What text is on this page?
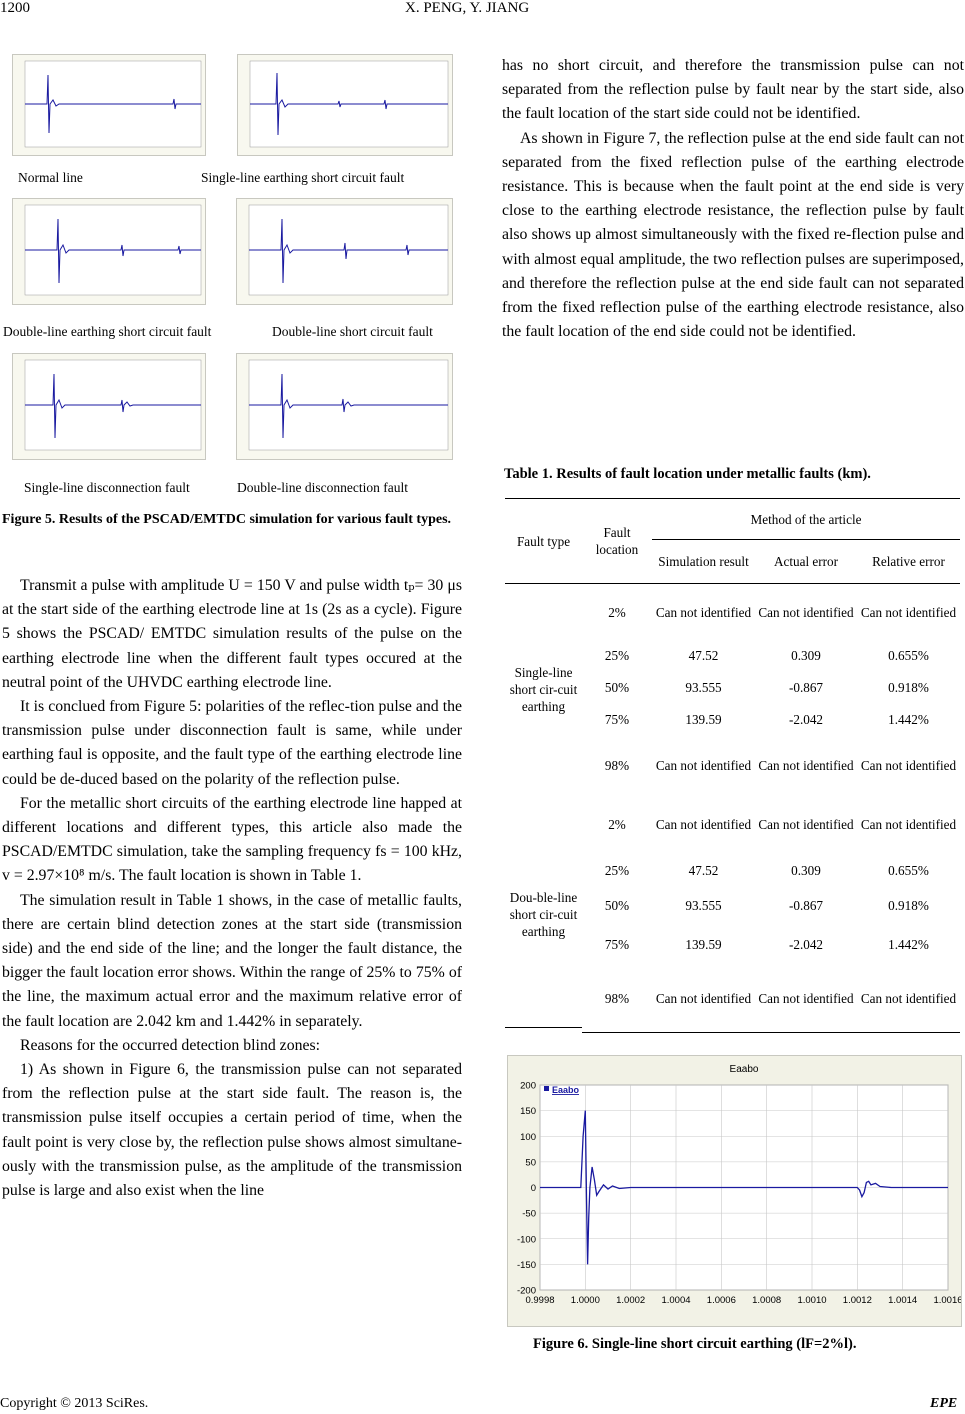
1200	X. PENG, Y. JIANG
Normal line	Single-line earthing short circuit fault
Double-line earthing short circuit fault	Double-line short circuit fault
Single-line disconnection fault	Double-line disconnection fault
Figure 5. Results of the PSCAD/EMTDC simulation for various fault types.

Transmit a pulse with amplitude U = 150 V and pulse width tₚ= 30 μs at the start side of the earthing electrode line at 1s (2s as a cycle). Figure 5 shows the PSCAD/ EMTDC simulation results of the pulse on the earthing electrode line when the different fault types occured at the neutral point of the UHVDC earthing electrode line.

It is conclued from Figure 5: polarities of the reflec-tion pulse and the transmission pulse under disconnection fault is same, while under earthing faul is opposite, and the fault type of the earthing electrode line could be de-duced based on the polarity of the reflection pulse.

For the metallic short circuits of the earthing electrode line happed at different locations and different types, this article also made the PSCAD/EMTDC simulation, take the sampling frequency fs = 100 kHz, v = 2.97×10⁸ m/s. The fault location is shown in Table 1.

The simulation result in Table 1 shows, in the case of metallic faults, there are certain blind detection zones at the start side (transmission side) and the end side of the line; and the longer the fault distance, the bigger the fault location error shows. Within the range of 25% to 75% of the line, the maximum actual error and the maximum relative error of the fault location are 2.042 km and 1.442% in separately.

Reasons for the occurred detection blind zones:

1) As shown in Figure 6, the transmission pulse can not separated from the reflection pulse at the start side fault. The reason is, the transmission pulse itself occupies a certain period of time, when the fault point is very close by, the reflection pulse shows almost simultane-ously with the transmission pulse, as the amplitude of the transmission pulse is large and also exist when the line

has no short circuit, and therefore the transmission pulse can not separated from the reflection pulse by fault near by the start side, also the fault location of the start side could not be identified.

As shown in Figure 7, the reflection pulse at the end side fault can not separated from the fixed reflection pulse of the earthing electrode resistance. This is because when the fault point at the end side is very close to the earthing electrode resistance, the reflection pulse by fault also shows up almost simultaneously with the fixed re-flection pulse and with almost equal amplitude, the two reflection pulses are superimposed, and therefore the reflection pulse at the end side fault can not separated from the fixed reflection pulse of the earthing electrode resistance, also the fault location of the end side could not be identified.

Table 1. Results of fault location under metallic faults (km).
Fault type	Fault location	Method of the article		
		Simulation result	Actual error	Relative error
Single-line short cir-cuit earthing	2%	Can not identified	Can not identified	Can not identified
	25%	47.52	0.309	0.655%
	50%	93.555	-0.867	0.918%
	75%	139.59	-2.042	1.442%
	98%	Can not identified	Can not identified	Can not identified
Dou-ble-line short cir-cuit earthing	2%	Can not identified	Can not identified	Can not identified
	25%	47.52	0.309	0.655%
	50%	93.555	-0.867	0.918%
	75%	139.59	-2.042	1.442%
	98%	Can not identified	Can not identified	Can not identified
Eaabo
0.9998 1.0000 1.0002 1.0004 1.0006 1.0008 1.0010 1.0012 1.0014 1.0016
200
150
100
50
0
-50
-100
-150
-200
Eaabo
Figure 6. Single-line short circuit earthing (lF=2%l).
Copyright © 2013 SciRes.	EPE
